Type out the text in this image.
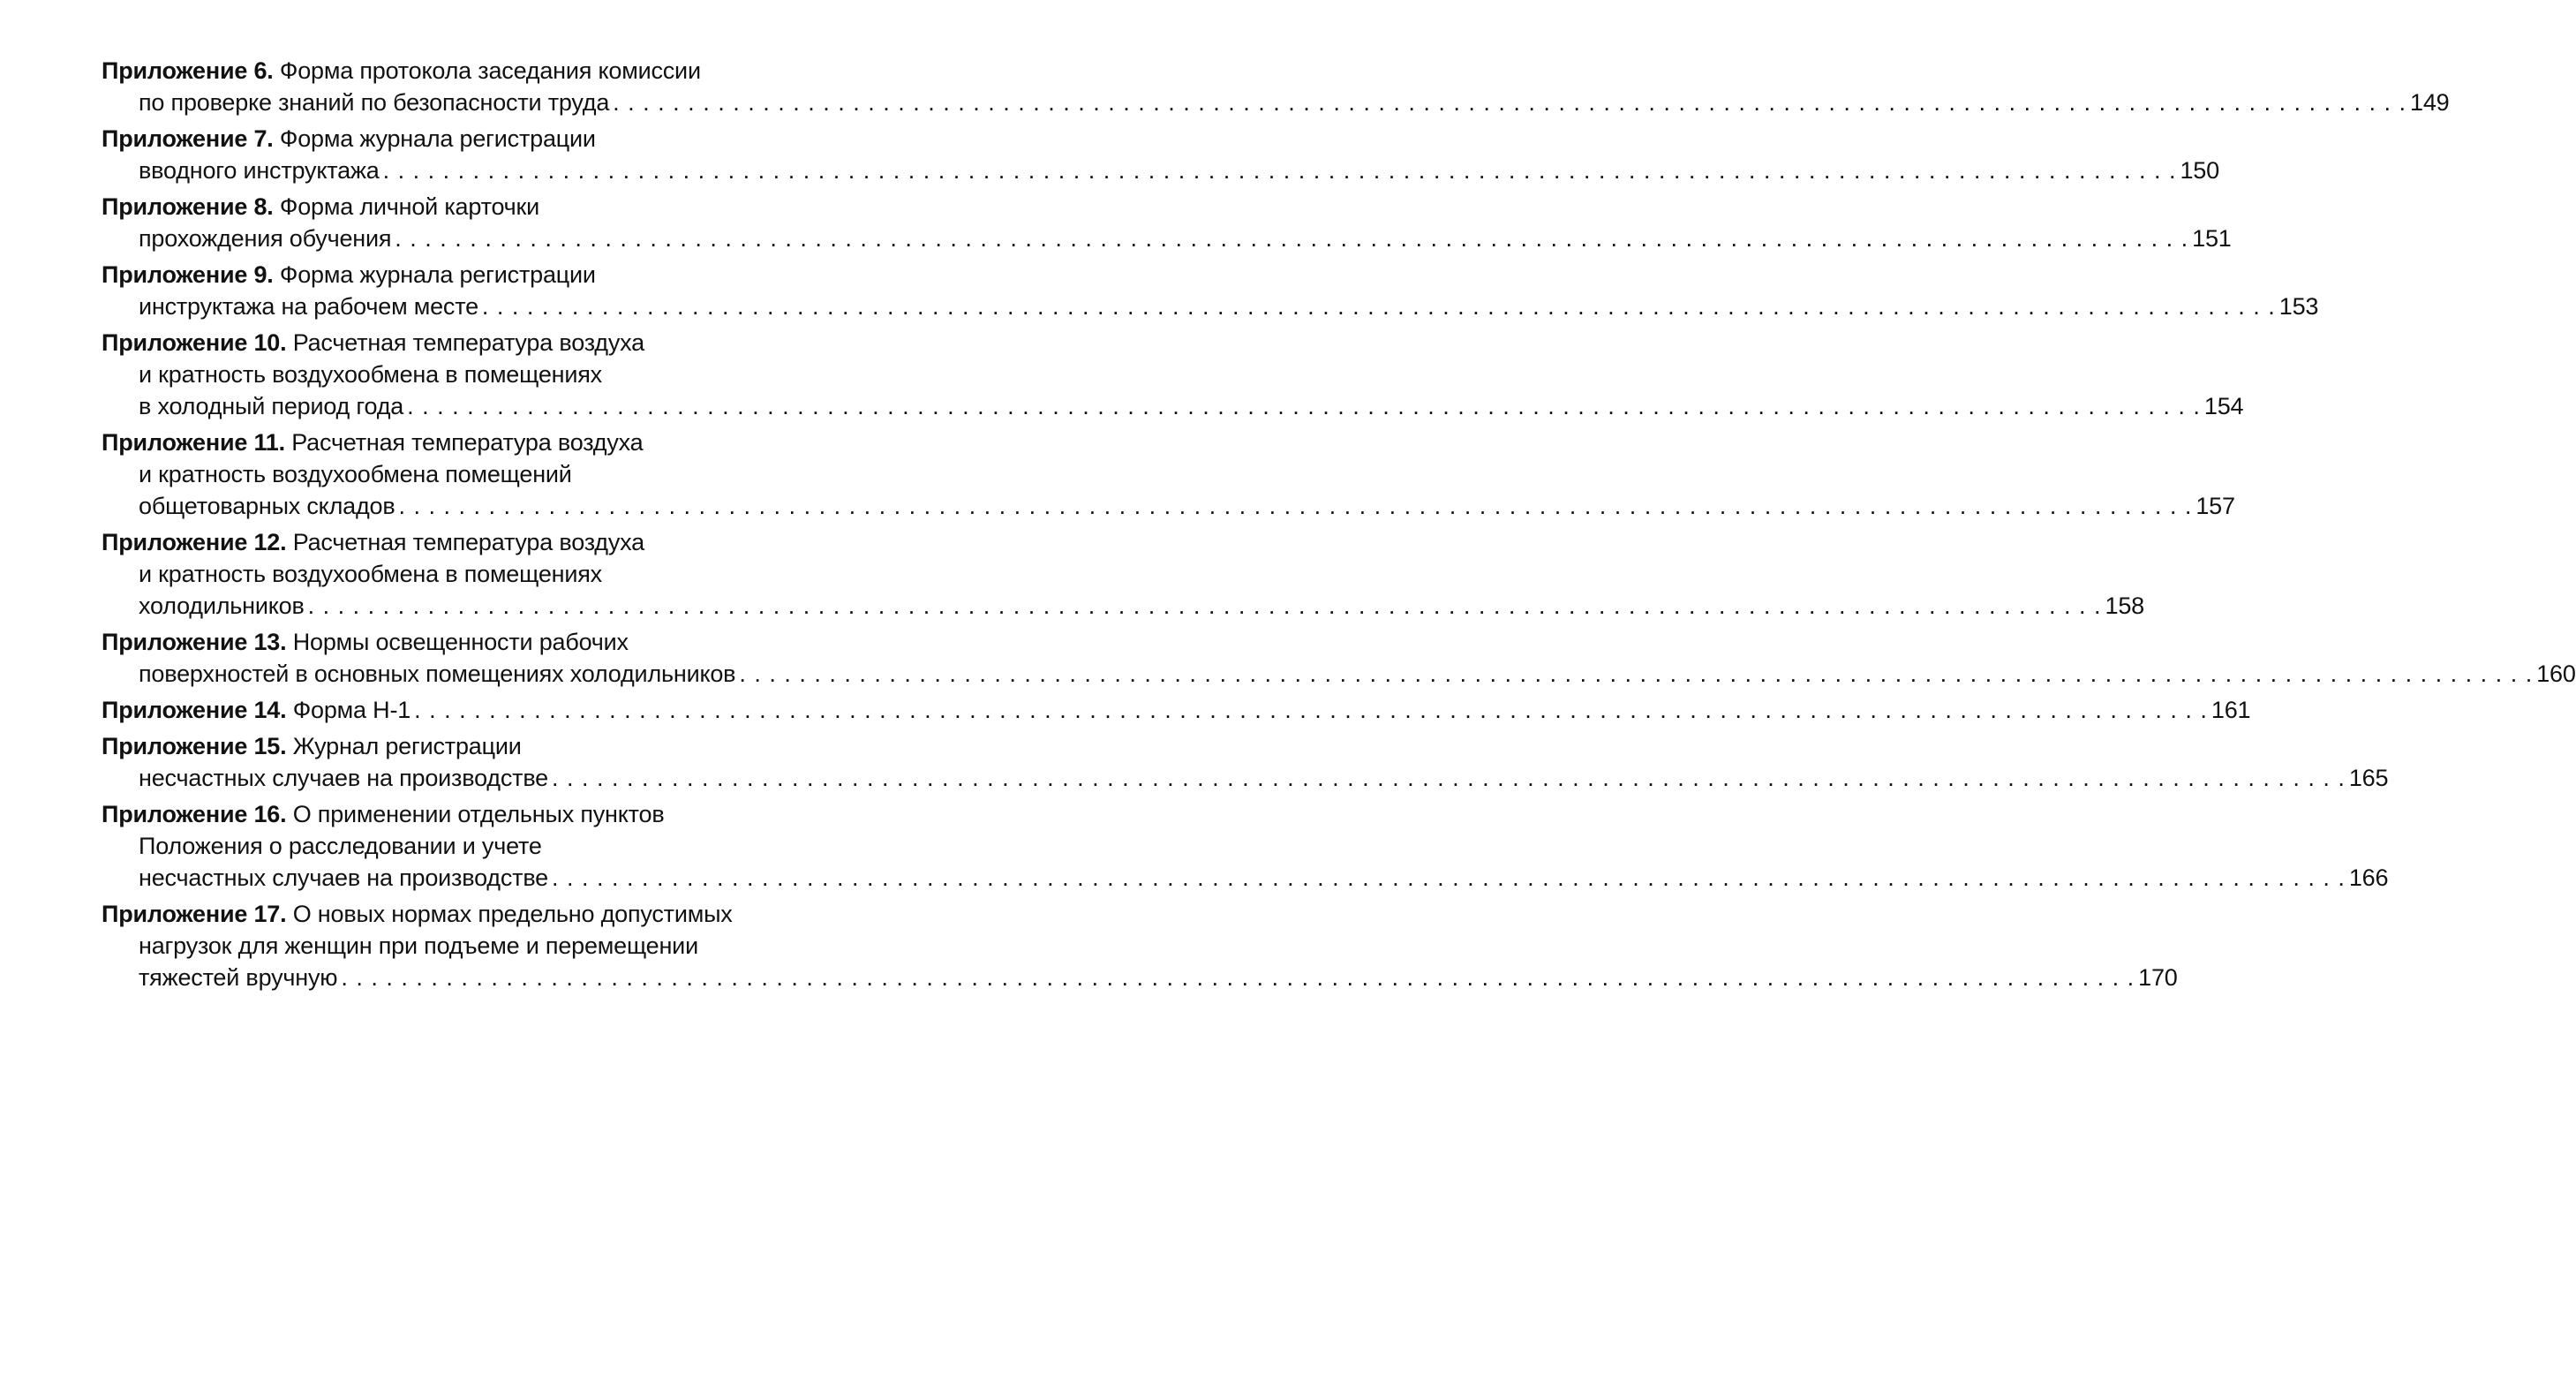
Приложение 6. Форма протокола заседания комиссии
по проверке знаний по безопасности труда . . . . . . . . . . . . . . . . . . . . . . . . . . . . . . . . . . . . . . . . . . . . . . . . . . . . . . . . . . . . . . . . . . . . . . . . . . . . . . . . . . . . . . . . . . . . . . . . . . . . . . . . . . . . . . . . . . . . . . . . 149
Приложение 7. Форма журнала регистрации
вводного инструктажа . . . . . . . . . . . . . . . . . . . . . . . . . . . . . . . . . . . . . . . . . . . . . . . . . . . . . . . . . . . . . . . . . . . . . . . . . . . . . . . . . . . . . . . . . . . . . . . . . . . . . . . . . . . . . . . . . . . . . . . . 150
Приложение 8. Форма личной карточки
прохождения обучения . . . . . . . . . . . . . . . . . . . . . . . . . . . . . . . . . . . . . . . . . . . . . . . . . . . . . . . . . . . . . . . . . . . . . . . . . . . . . . . . . . . . . . . . . . . . . . . . . . . . . . . . . . . . . . . . . . . . . . . . 151
Приложение 9. Форма журнала регистрации
инструктажа на рабочем месте . . . . . . . . . . . . . . . . . . . . . . . . . . . . . . . . . . . . . . . . . . . . . . . . . . . . . . . . . . . . . . . . . . . . . . . . . . . . . . . . . . . . . . . . . . . . . . . . . . . . . . . . . . . . . . . . . . . . . . . . 153
Приложение 10. Расчетная температура воздуха
и кратность воздухообмена в помещениях
в холодный период года . . . . . . . . . . . . . . . . . . . . . . . . . . . . . . . . . . . . . . . . . . . . . . . . . . . . . . . . . . . . . . . . . . . . . . . . . . . . . . . . . . . . . . . . . . . . . . . . . . . . . . . . . . . . . . . . . . . . . . . . 154
Приложение 11. Расчетная температура воздуха
и кратность воздухообмена помещений
общетоварных складов . . . . . . . . . . . . . . . . . . . . . . . . . . . . . . . . . . . . . . . . . . . . . . . . . . . . . . . . . . . . . . . . . . . . . . . . . . . . . . . . . . . . . . . . . . . . . . . . . . . . . . . . . . . . . . . . . . . . . . . . 157
Приложение 12. Расчетная температура воздуха
и кратность воздухообмена в помещениях
холодильников . . . . . . . . . . . . . . . . . . . . . . . . . . . . . . . . . . . . . . . . . . . . . . . . . . . . . . . . . . . . . . . . . . . . . . . . . . . . . . . . . . . . . . . . . . . . . . . . . . . . . . . . . . . . . . . . . . . . . . . . 158
Приложение 13. Нормы освещенности рабочих
поверхностей в основных помещениях холодильников . . . . . . . . . . . . . . . . . . . . . . . . . . . . . . . . . . . . . . . . . . . . . . . . . . . . . . . . . . . . . . . . . . . . . . . . . . . . . . . . . . . . . . . . . . . . . . . . . . . . . . . . . . . . . . . . . . . . . . . . 160
Приложение 14. Форма Н-1 . . . . . . . . . . . . . . . . . . . . . . . . . . . . . . . . . . . . . . . . . . . . . . . . . . . . . . . . . . . . . . . . . . . . . . . . . . . . . . . . . . . . . . . . . . . . . . . . . . . . . . . . . . . . . . . . . . . . . . . . 161
Приложение 15. Журнал регистрации
несчастных случаев на производстве . . . . . . . . . . . . . . . . . . . . . . . . . . . . . . . . . . . . . . . . . . . . . . . . . . . . . . . . . . . . . . . . . . . . . . . . . . . . . . . . . . . . . . . . . . . . . . . . . . . . . . . . . . . . . . . . . . . . . . . . 165
Приложение 16. О применении отдельных пунктов
Положения о расследовании и учете
несчастных случаев на производстве . . . . . . . . . . . . . . . . . . . . . . . . . . . . . . . . . . . . . . . . . . . . . . . . . . . . . . . . . . . . . . . . . . . . . . . . . . . . . . . . . . . . . . . . . . . . . . . . . . . . . . . . . . . . . . . . . . . . . . . . 166
Приложение 17. О новых нормах предельно допустимых
нагрузок для женщин при подъеме и перемещении
тяжестей вручную . . . . . . . . . . . . . . . . . . . . . . . . . . . . . . . . . . . . . . . . . . . . . . . . . . . . . . . . . . . . . . . . . . . . . . . . . . . . . . . . . . . . . . . . . . . . . . . . . . . . . . . . . . . . . . . . . . . . . . . . 170
